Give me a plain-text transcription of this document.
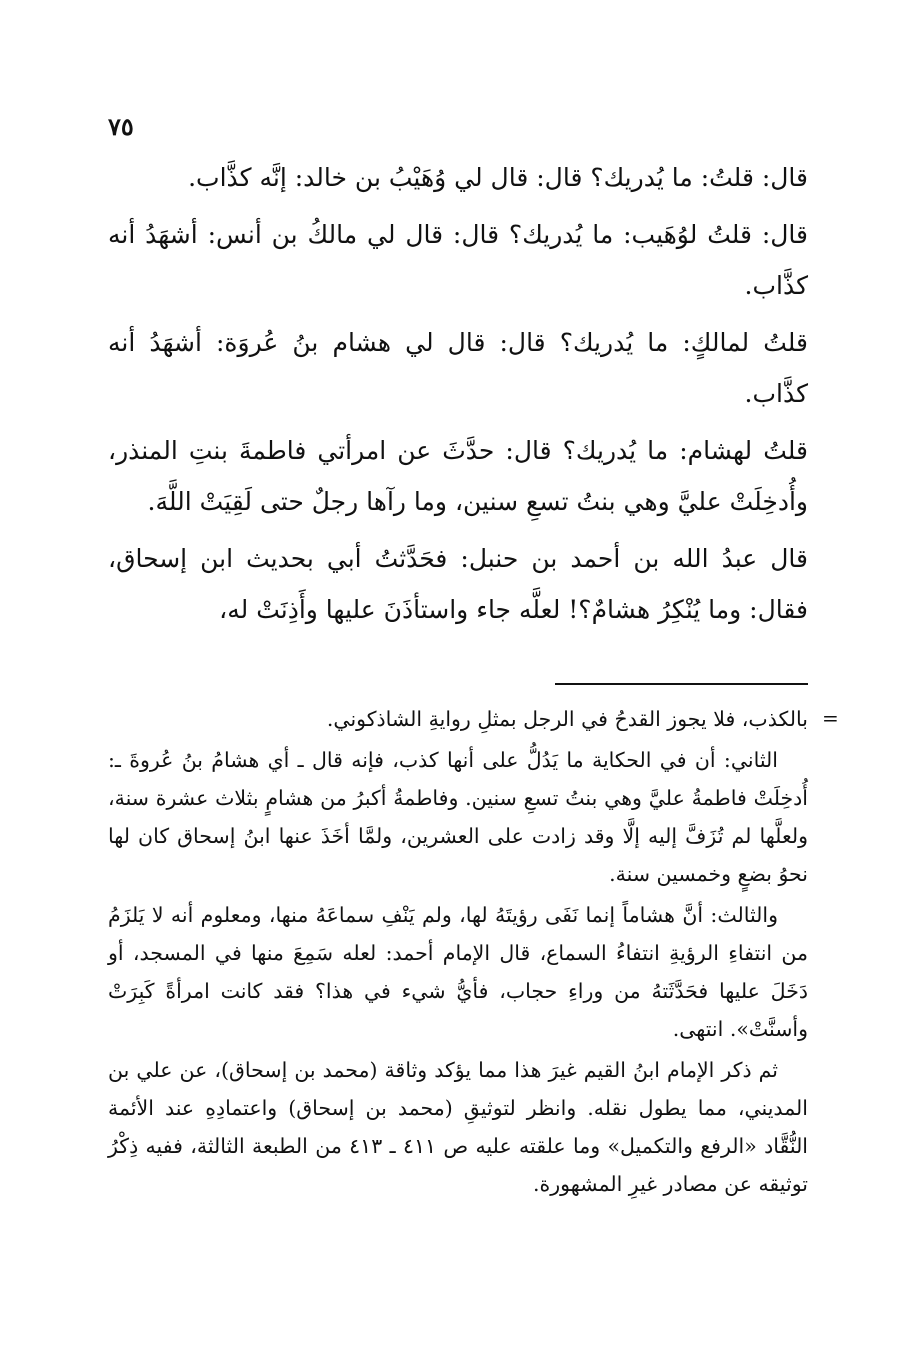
٧٥

قال: قلتُ: ما يُدريك؟ قال: قال لي وُهَيْبُ بن خالد: إنَّه كذَّاب.

قال: قلتُ لوُهَيب: ما يُدريك؟ قال: قال لي مالكُ بن أنس: أشهَدُ أنه كذَّاب.

قلتُ لمالكٍ: ما يُدريك؟ قال: قال لي هشام بنُ عُروَة: أشهَدُ أنه كذَّاب.

قلتُ لهشام: ما يُدريك؟ قال: حدَّثَ عن امرأتي فاطمةَ بنتِ المنذر، وأُدخِلَتْ عليَّ وهي بنتُ تسعِ سنين، وما رآها رجلٌ حتى لَقِيَتْ اللَّهَ.

قال عبدُ الله بن أحمد بن حنبل: فحَدَّثتُ أبي بحديث ابن إسحاق، فقال: وما يُنْكِرُ هشامٌ؟! لعلَّه جاء واستأذَنَ عليها وأَذِنَتْ له،

=

بالكذب، فلا يجوز القدحُ في الرجل بمثلِ روايةِ الشاذكوني.

الثاني: أن في الحكاية ما يَدُلُّ على أنها كذب، فإنه قال ـ أي هشامُ بنُ عُروةَ ـ: أُدخِلَتْ فاطمةُ عليَّ وهي بنتُ تسعِ سنين. وفاطمةُ أكبرُ من هشامٍ بثلاث عشرة سنة، ولعلَّها لم تُزَفَّ إليه إلَّا وقد زادت على العشرين، ولمَّا أخَذَ عنها ابنُ إسحاق كان لها نحوُ بضعٍ وخمسين سنة.

والثالث: أنَّ هشاماً إنما نَفَى رؤيتَهُ لها، ولم يَنْفِ سماعَهُ منها، ومعلوم أنه لا يَلزَمُ من انتفاءِ الرؤيةِ انتفاءُ السماع، قال الإمام أحمد: لعله سَمِعَ منها في المسجد، أو دَخَلَ عليها فحَدَّثَتهُ من وراءِ حجاب، فأيُّ شيء في هذا؟ فقد كانت امرأةً كَبِرَتْ وأسنَّتْ». انتهى.

ثم ذكر الإمام ابنُ القيم غيرَ هذا مما يؤكد وثاقة (محمد بن إسحاق)، عن علي بن المديني، مما يطول نقله. وانظر لتوثيقِ (محمد بن إسحاق) واعتمادِهِ عند الأئمة النُّقَّاد «الرفع والتكميل» وما علقته عليه ص ٤١١ ـ ٤١٣ من الطبعة الثالثة، ففيه ذِكْرُ توثيقه عن مصادر غيرِ المشهورة.
